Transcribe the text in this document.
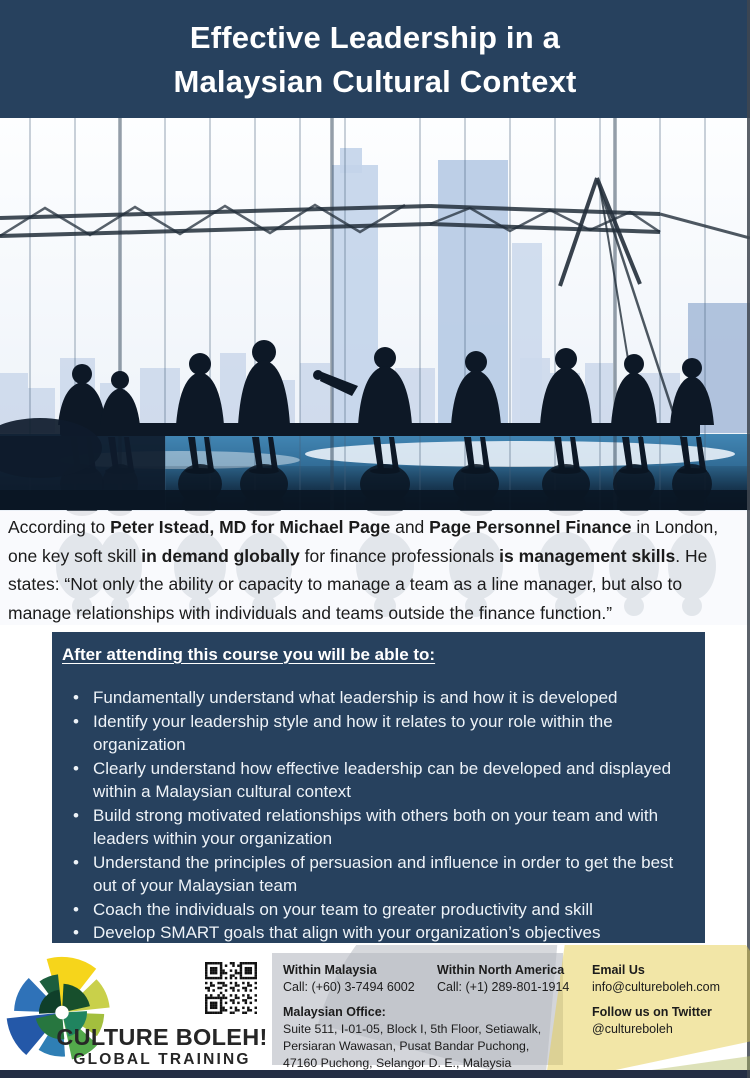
Effective Leadership in a
Malaysian Cultural Context

According to Peter Istead, MD for Michael Page and Page Personnel Finance in London, one key soft skill in demand globally for finance professionals is management skills. He states: “Not only the ability or capacity to manage a team as a line manager, but also to manage relationships with individuals and teams outside the finance function.”

After attending this course you will be able to:
• Fundamentally understand what leadership is and how it is developed
• Identify your leadership style and how it relates to your role within the organization
• Clearly understand how effective leadership can be developed and displayed within a Malaysian cultural context
• Build strong motivated relationships with others both on your team and with leaders within your organization
• Understand the principles of persuasion and influence in order to get the best out of your Malaysian team
• Coach the individuals on your team to greater productivity and skill
• Develop SMART goals that align with your organization’s objectives
CULTURE BOLEH!
GLOBAL TRAINING
Within Malaysia
Call: (+60) 3-7494 6002
Malaysian Office:
Suite 511, I-01-05, Block I, 5th Floor, Setiawalk,
Persiaran Wawasan, Pusat Bandar Puchong,
47160 Puchong, Selangor D. E., Malaysia
Within North America
Call: (+1) 289-801-1914
Email Us
info@cultureboleh.com
Follow us on Twitter
@cultureboleh
